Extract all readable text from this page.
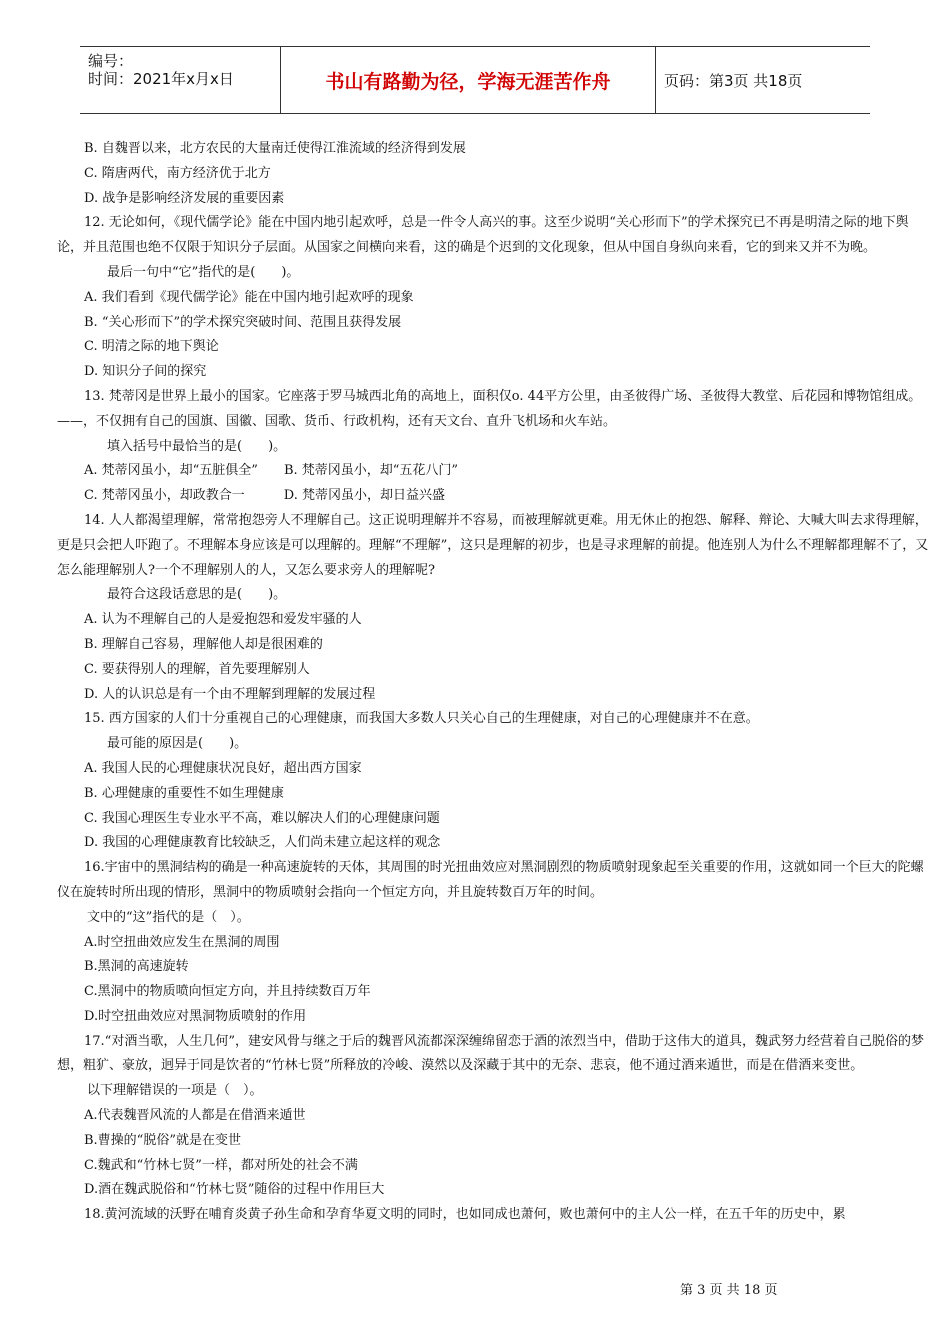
编号：
时间：2021年x月x日	书山有路勤为径，学海无涯苦作舟	页码：第3页 共18页

B. 自魏晋以来，北方农民的大量南迁使得江淮流域的经济得到发展

C. 隋唐两代，南方经济优于北方

D. 战争是影响经济发展的重要因素

12. 无论如何，《现代儒学论》能在中国内地引起欢呼，总是一件令人高兴的事。这至少说明“关心形而下”的学术探究已不再是明清之际的地下舆论，并且范围也绝不仅限于知识分子层面。从国家之间横向来看，这的确是个迟到的文化现象，但从中国自身纵向来看，它的到来又并不为晚。

最后一句中“它”指代的是(　　)。

A. 我们看到《现代儒学论》能在中国内地引起欢呼的现象

B. “关心形而下”的学术探究突破时间、范围且获得发展

C. 明清之际的地下舆论

D. 知识分子间的探究

13. 梵蒂冈是世界上最小的国家。它座落于罗马城西北角的高地上，面积仅o. 44平方公里，由圣彼得广场、圣彼得大教堂、后花园和博物馆组成。——，不仅拥有自己的国旗、国徽、国歌、货币、行政机构，还有天文台、直升飞机场和火车站。

填入括号中最恰当的是(　　)。

A. 梵蒂冈虽小，却“五脏俱全”　　B. 梵蒂冈虽小，却“五花八门”

C. 梵蒂冈虽小，却政教合一　　　D. 梵蒂冈虽小，却日益兴盛

14. 人人都渴望理解，常常抱怨旁人不理解自己。这正说明理解并不容易，而被理解就更难。用无休止的抱怨、解释、辩论、大喊大叫去求得理解，更是只会把人吓跑了。不理解本身应该是可以理解的。理解“不理解”，这只是理解的初步，也是寻求理解的前提。他连别人为什么不理解都理解不了，又怎么能理解别人?一个不理解别人的人，又怎么要求旁人的理解呢?

最符合这段话意思的是(　　)。

A. 认为不理解自己的人是爱抱怨和爱发牢骚的人

B. 理解自己容易，理解他人却是很困难的

C. 要获得别人的理解，首先要理解别人

D. 人的认识总是有一个由不理解到理解的发展过程

15. 西方国家的人们十分重视自己的心理健康，而我国大多数人只关心自己的生理健康，对自己的心理健康并不在意。

最可能的原因是(　　)。

A. 我国人民的心理健康状况良好，超出西方国家

B. 心理健康的重要性不如生理健康

C. 我国心理医生专业水平不高，难以解决人们的心理健康问题

D. 我国的心理健康教育比较缺乏，人们尚未建立起这样的观念

16.宇宙中的黑洞结构的确是一种高速旋转的天体，其周围的时光扭曲效应对黑洞剧烈的物质喷射现象起至关重要的作用，这就如同一个巨大的陀螺仪在旋转时所出现的情形，黑洞中的物质喷射会指向一个恒定方向，并且旋转数百万年的时间。

文中的“这”指代的是（　）。

A.时空扭曲效应发生在黑洞的周围

B.黑洞的高速旋转

C.黑洞中的物质喷向恒定方向，并且持续数百万年

D.时空扭曲效应对黑洞物质喷射的作用

17.“对酒当歌，人生几何”，建安风骨与继之于后的魏晋风流都深深缠绵留恋于酒的浓烈当中，借助于这伟大的道具，魏武努力经营着自己脱俗的梦想，粗犷、豪放，迥异于同是饮者的“竹林七贤”所释放的冷峻、漠然以及深藏于其中的无奈、悲哀，他不通过酒来遁世，而是在借酒来变世。

以下理解错误的一项是（　）。

A.代表魏晋风流的人都是在借酒来遁世

B.曹操的“脱俗”就是在变世

C.魏武和“竹林七贤”一样，都对所处的社会不满

D.酒在魏武脱俗和“竹林七贤”随俗的过程中作用巨大

18.黄河流域的沃野在哺育炎黄子孙生命和孕育华夏文明的同时，也如同成也萧何，败也萧何中的主人公一样，在五千年的历史中，累

第 3 页 共 18 页
